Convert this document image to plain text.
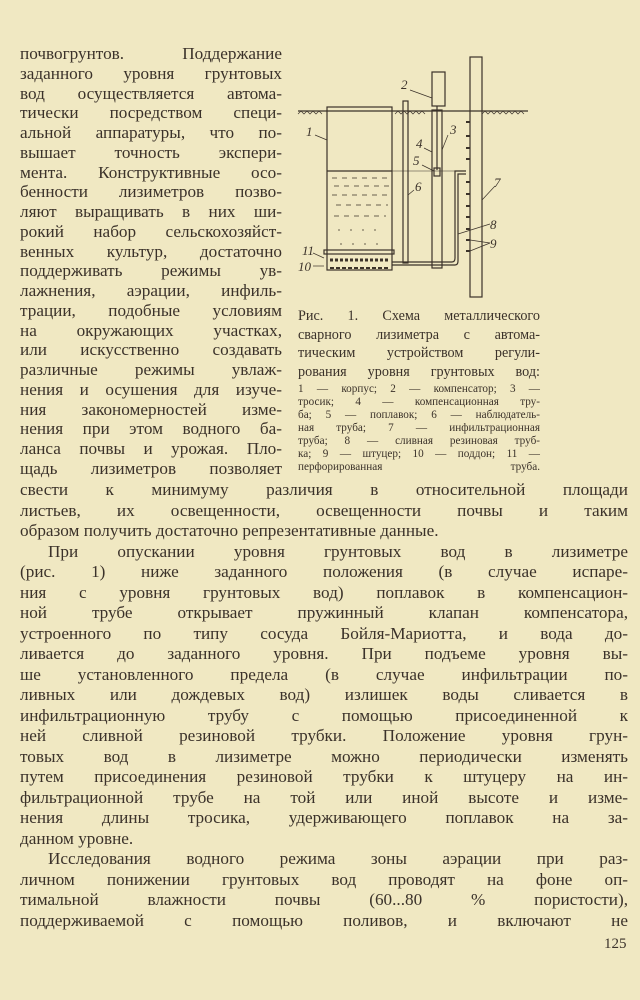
почвогрунтов. Поддержание
заданного уровня грунтовых
вод осуществляется автома-
тически посредством специ-
альной аппаратуры, что по-
вышает точность экспери-
мента. Конструктивные осо-
бенности лизиметров позво-
ляют выращивать в них ши-
рокий набор сельскохозяйст-
венных культур, достаточно
поддерживать режимы ув-
лажнения, аэрации, инфиль-
трации, подобные условиям
на окружающих участках,
или искусственно создавать
различные режимы увлаж-
нения и осушения для изуче-
ния закономерностей изме-
нения при этом водного ба-
ланса почвы и урожая. Пло-
щадь лизиметров позволяет
свести к минимуму различия в относительной площади
листьев, их освещенности, освещенности почвы и таким
образом получить достаточно репрезентативные данные.
При опускании уровня грунтовых вод в лизиметре
(рис. 1) ниже заданного положения (в случае испаре-
ния с уровня грунтовых вод) поплавок в компенсацион-
ной трубе открывает пружинный клапан компенсатора,
устроенного по типу сосуда Бойля-Мариотта, и вода до-
ливается до заданного уровня. При подъеме уровня вы-
ше установленного предела (в случае инфильтрации по-
ливных или дождевых вод) излишек воды сливается в
инфильтрационную трубу с помощью присоединенной к
ней сливной резиновой трубки. Положение уровня грун-
товых вод в лизиметре можно периодически изменять
путем присоединения резиновой трубки к штуцеру на ин-
фильтрационной трубе на той или иной высоте и изме-
нения длины тросика, удерживающего поплавок на за-
данном уровне.
Исследования водного режима зоны аэрации при раз-
личном понижении грунтовых вод проводят на фоне оп-
тимальной влажности почвы (60...80 % пористости),
поддерживаемой с помощью поливов, и включают не
1
2
3
4
5
6	7
8
9
10
11
Рис. 1. Схема металлического
сварного лизиметра с автома-
тическим устройством регули-
рования уровня грунтовых вод:
1 — корпус; 2 — компенсатор; 3 —
тросик; 4 — компенсационная тру-
ба; 5 — поплавок; 6 — наблюдатель-
ная труба; 7 — инфильтрационная
труба; 8 — сливная резиновая труб-
ка; 9 — штуцер; 10 — поддон; 11 —
перфорированная труба.
125
